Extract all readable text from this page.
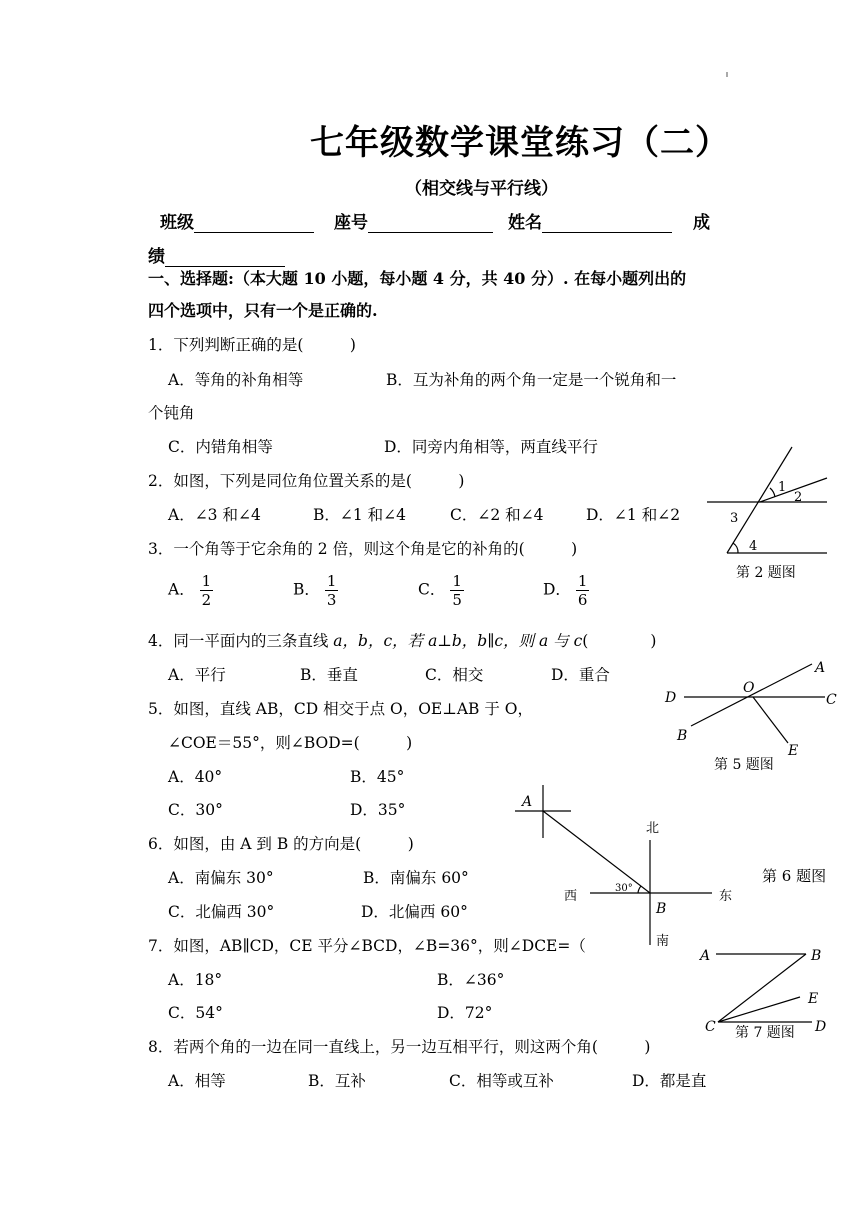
七年级数学课堂练习（二）
（相交线与平行线）
班级	座号	姓名	成
绩
一、选择题:（本大题 10 小题，每小题 4 分，共 40 分）. 在每小题列出的
四个选项中，只有一个是正确的.
1．下列判断正确的是(　　　)
A．等角的补角相等	B．互为补角的两个角一定是一个锐角和一
个钝角
C．内错角相等	D．同旁内角相等，两直线平行
2．如图，下列是同位角位置关系的是(　　　)
A．∠3 和∠4	B．∠1 和∠4	C．∠2 和∠4	D．∠1 和∠2
3．一个角等于它余角的 2 倍，则这个角是它的补角的(　　　)
A． $\frac{1}{2}$	B． $\frac{1}{3}$	C． $\frac{1}{5}$	D． $\frac{1}{6}$
4．同一平面内的三条直线 a，b，c，若 a⊥b，b∥c，则 a 与 c(　　　　)
A．平行	B．垂直	C．相交	D．重合
5．如图，直线 AB，CD 相交于点 O，OE⊥AB 于 O，
∠COE＝55°，则∠BOD=(　　　)
A．40°	B．45°
C．30°	D．35°
6．如图，由 A 到 B 的方向是(　　　)
A．南偏东 30°	B．南偏东 60°
C．北偏西 30°	D．北偏西 60°
7．如图，AB∥CD，CE 平分∠BCD，∠B=36°，则∠DCE=（
A．18°	B．∠36°
C．54°	D．72°
8．若两个角的一边在同一直线上，另一边互相平行，则这两个角(　　　)
A．相等	B．互补	C．相等或互补	D．都是直
1
2
3
4
第 2 题图
A
D
O
C
B
E
第 5 题图
A
北
西
30°
东
B
南
第 6 题图
A	B
E
C	D
第 7 题图
